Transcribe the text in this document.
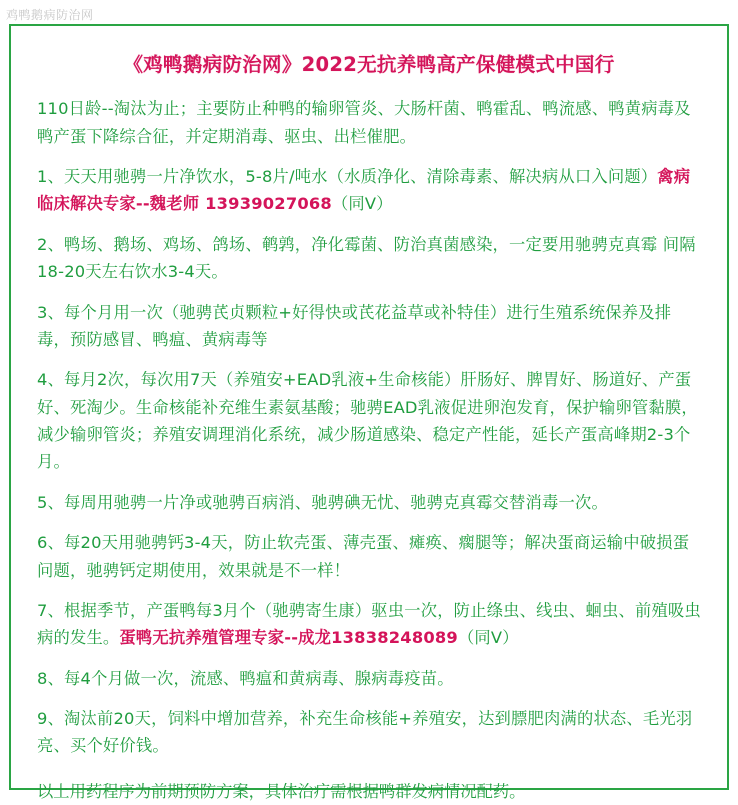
鸡鸭鹅病防治网
《鸡鸭鹅病防治网》2022无抗养鸭高产保健模式中国行

110日龄--淘汰为止；主要防止种鸭的输卵管炎、大肠杆菌、鸭霍乱、鸭流感、鸭黄病毒及鸭产蛋下降综合征，并定期消毒、驱虫、出栏催肥。

1、天天用驰骋一片净饮水，5-8片/吨水（水质净化、清除毒素、解决病从口入问题）禽病临床解决专家--魏老师 13939027068（同V）

2、鸭场、鹅场、鸡场、鸽场、鹌鹑，净化霉菌、防治真菌感染，一定要用驰骋克真霉 间隔18-20天左右饮水3-4天。

3、每个月用一次（驰骋芪贞颗粒+好得快或芪花益草或补特佳）进行生殖系统保养及排毒，预防感冒、鸭瘟、黄病毒等

4、每月2次，每次用7天（养殖安+EAD乳液+生命核能）肝肠好、脾胃好、肠道好、产蛋好、死淘少。生命核能补充维生素氨基酸；驰骋EAD乳液促进卵泡发育，保护输卵管黏膜，减少输卵管炎；养殖安调理消化系统，减少肠道感染、稳定产性能，延长产蛋高峰期2-3个月。

5、每周用驰骋一片净或驰骋百病消、驰骋碘无忧、驰骋克真霉交替消毒一次。

6、每20天用驰骋钙3-4天，防止软壳蛋、薄壳蛋、瘫痪、瘸腿等；解决蛋商运输中破损蛋问题，驰骋钙定期使用，效果就是不一样！

7、根据季节，产蛋鸭每3月个（驰骋寄生康）驱虫一次，防止绦虫、线虫、蛔虫、前殖吸虫病的发生。蛋鸭无抗养殖管理专家--成龙13838248089（同V）

8、每4个月做一次，流感、鸭瘟和黄病毒、腺病毒疫苗。

9、淘汰前20天，饲料中增加营养，补充生命核能+养殖安，达到膘肥肉满的状态、毛光羽亮、买个好价钱。

以上用药程序为前期预防方案，具体治疗需根据鸭群发病情况配药。
